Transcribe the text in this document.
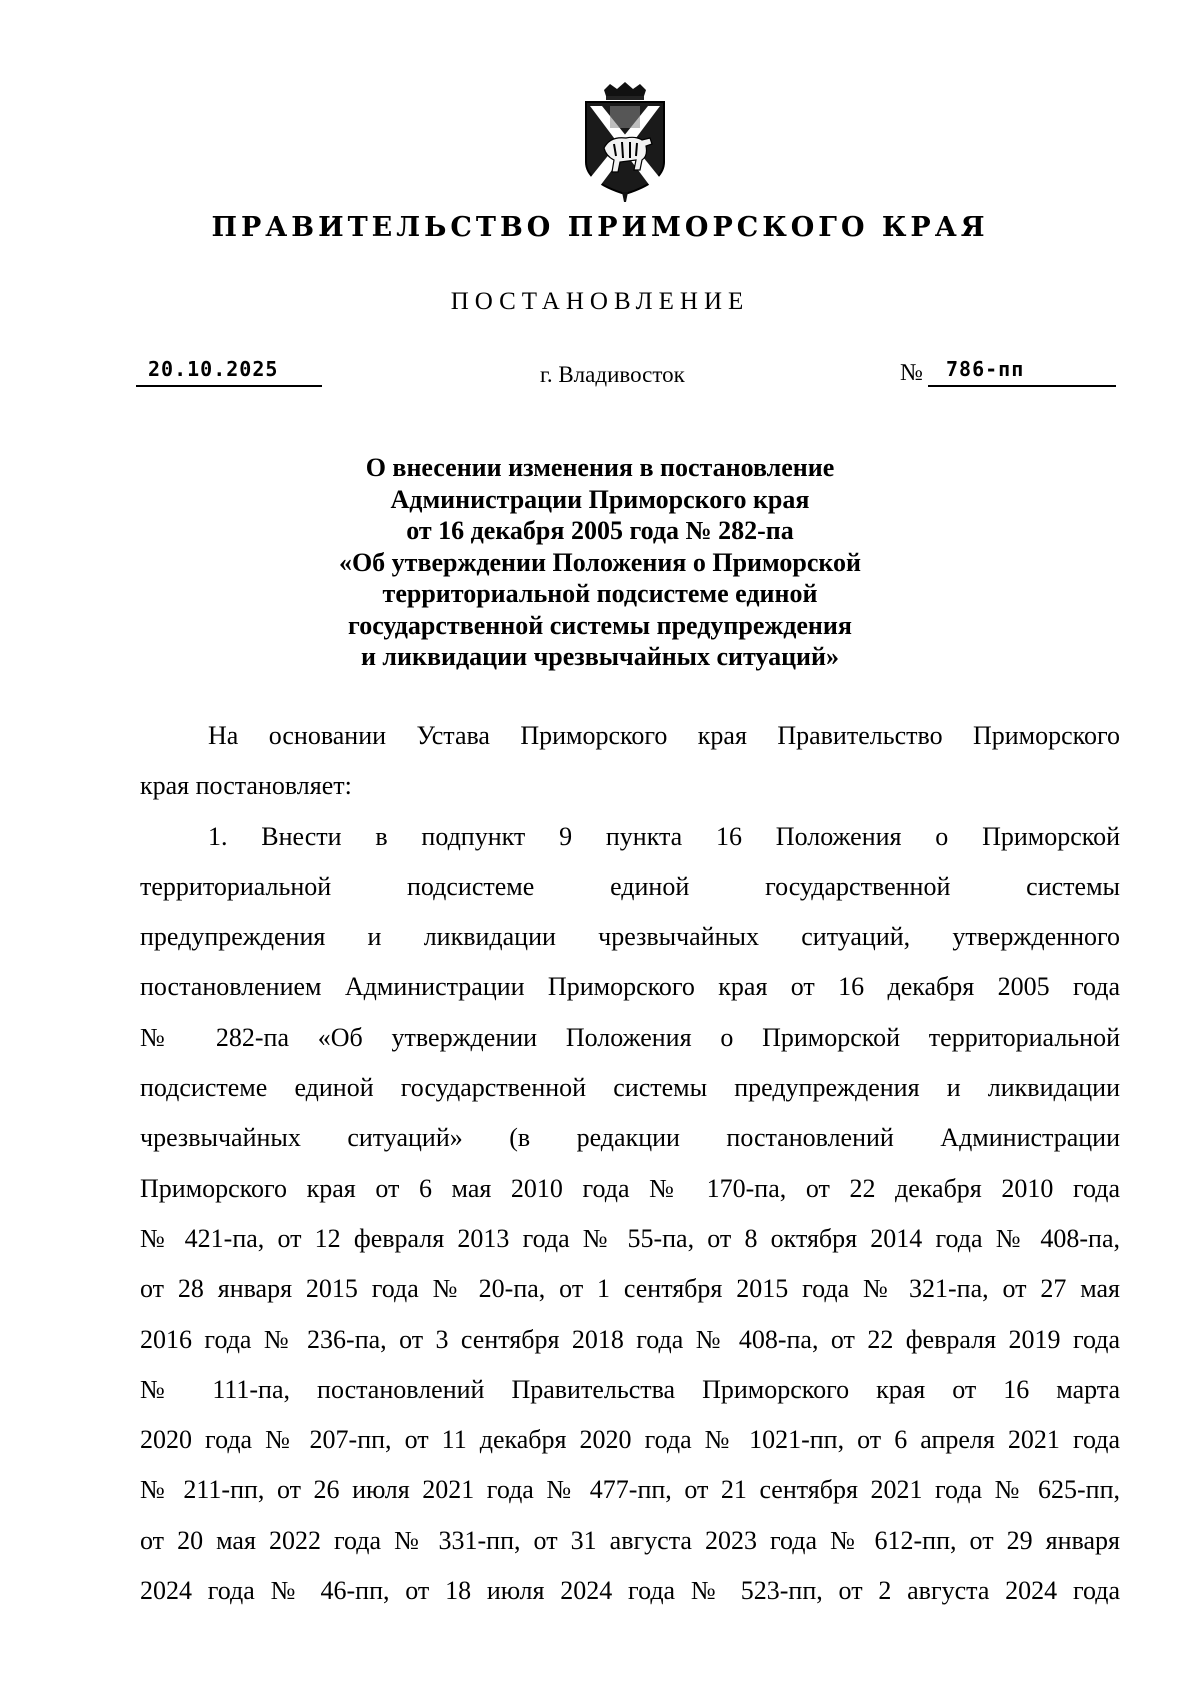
ПРАВИТЕЛЬСТВО ПРИМОРСКОГО КРАЯ
ПОСТАНОВЛЕНИЕ
20.10.2025	г. Владивосток	№	786-пп
О внесении изменения в постановление
Администрации Приморского края
от 16 декабря 2005 года № 282-па
«Об утверждении Положения о Приморской
территориальной подсистеме единой
государственной системы предупреждения
и ликвидации чрезвычайных ситуаций»
На основании Устава Приморского края Правительство Приморского
края постановляет:
1. Внести в подпункт 9 пункта 16 Положения о Приморской
территориальной подсистеме единой государственной системы
предупреждения и ликвидации чрезвычайных ситуаций, утвержденного
постановлением Администрации Приморского края от 16 декабря 2005 года
№ 282-па «Об утверждении Положения о Приморской территориальной
подсистеме единой государственной системы предупреждения и ликвидации
чрезвычайных ситуаций» (в редакции постановлений Администрации
Приморского края от 6 мая 2010 года № 170-па, от 22 декабря 2010 года
№ 421-па, от 12 февраля 2013 года № 55-па, от 8 октября 2014 года № 408-па,
от 28 января 2015 года № 20-па, от 1 сентября 2015 года № 321-па, от 27 мая
2016 года № 236-па, от 3 сентября 2018 года № 408-па, от 22 февраля 2019 года
№ 111-па, постановлений Правительства Приморского края от 16 марта
2020 года № 207-пп, от 11 декабря 2020 года № 1021-пп, от 6 апреля 2021 года
№ 211-пп, от 26 июля 2021 года № 477-пп, от 21 сентября 2021 года № 625-пп,
от 20 мая 2022 года № 331-пп, от 31 августа 2023 года № 612-пп, от 29 января
2024 года № 46-пп, от 18 июля 2024 года № 523-пп, от 2 августа 2024 года
